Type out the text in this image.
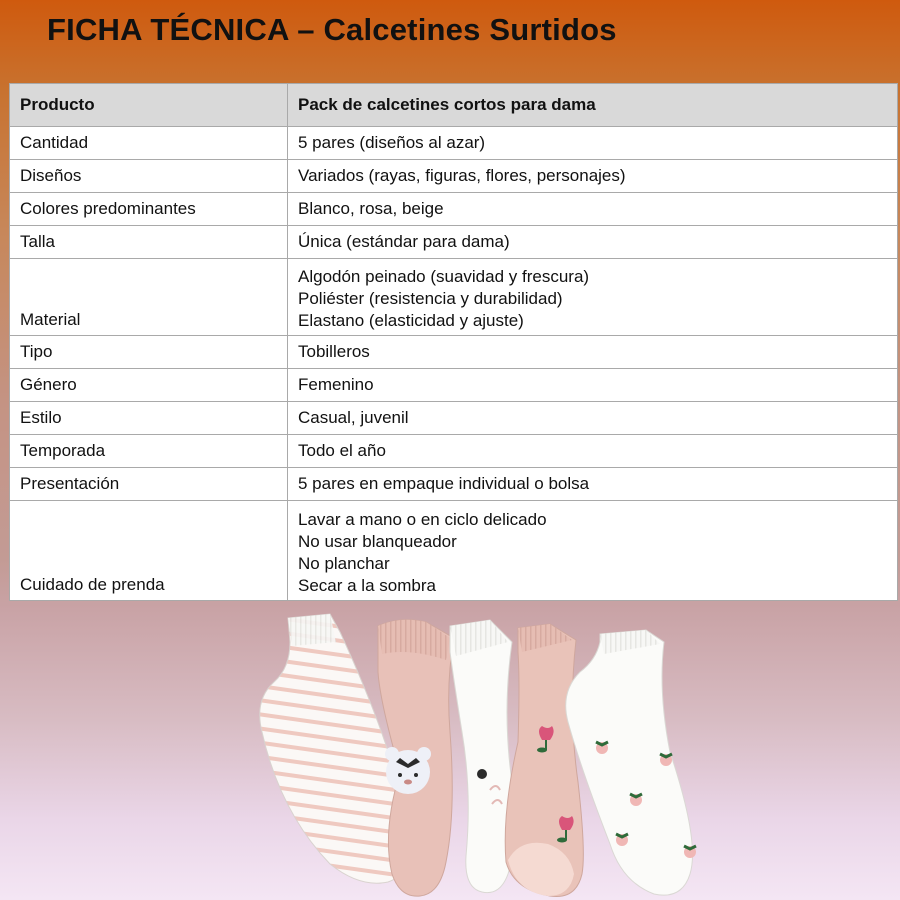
FICHA TÉCNICA – Calcetines Surtidos
Producto	Pack de calcetines cortos para dama
Cantidad	5 pares (diseños al azar)
Diseños	Variados (rayas, figuras, flores, personajes)
Colores predominantes	Blanco, rosa, beige
Talla	Única (estándar para dama)
Material	Algodón peinado (suavidad y frescura)
Poliéster (resistencia y durabilidad)
Elastano (elasticidad y ajuste)

Tipo	Tobilleros
Género	Femenino
Estilo	Casual, juvenil
Temporada	Todo el año
Presentación	5 pares en empaque individual o bolsa
Cuidado de prenda	Lavar a mano o en ciclo delicado
No usar blanqueador
No planchar
Secar a la sombra
